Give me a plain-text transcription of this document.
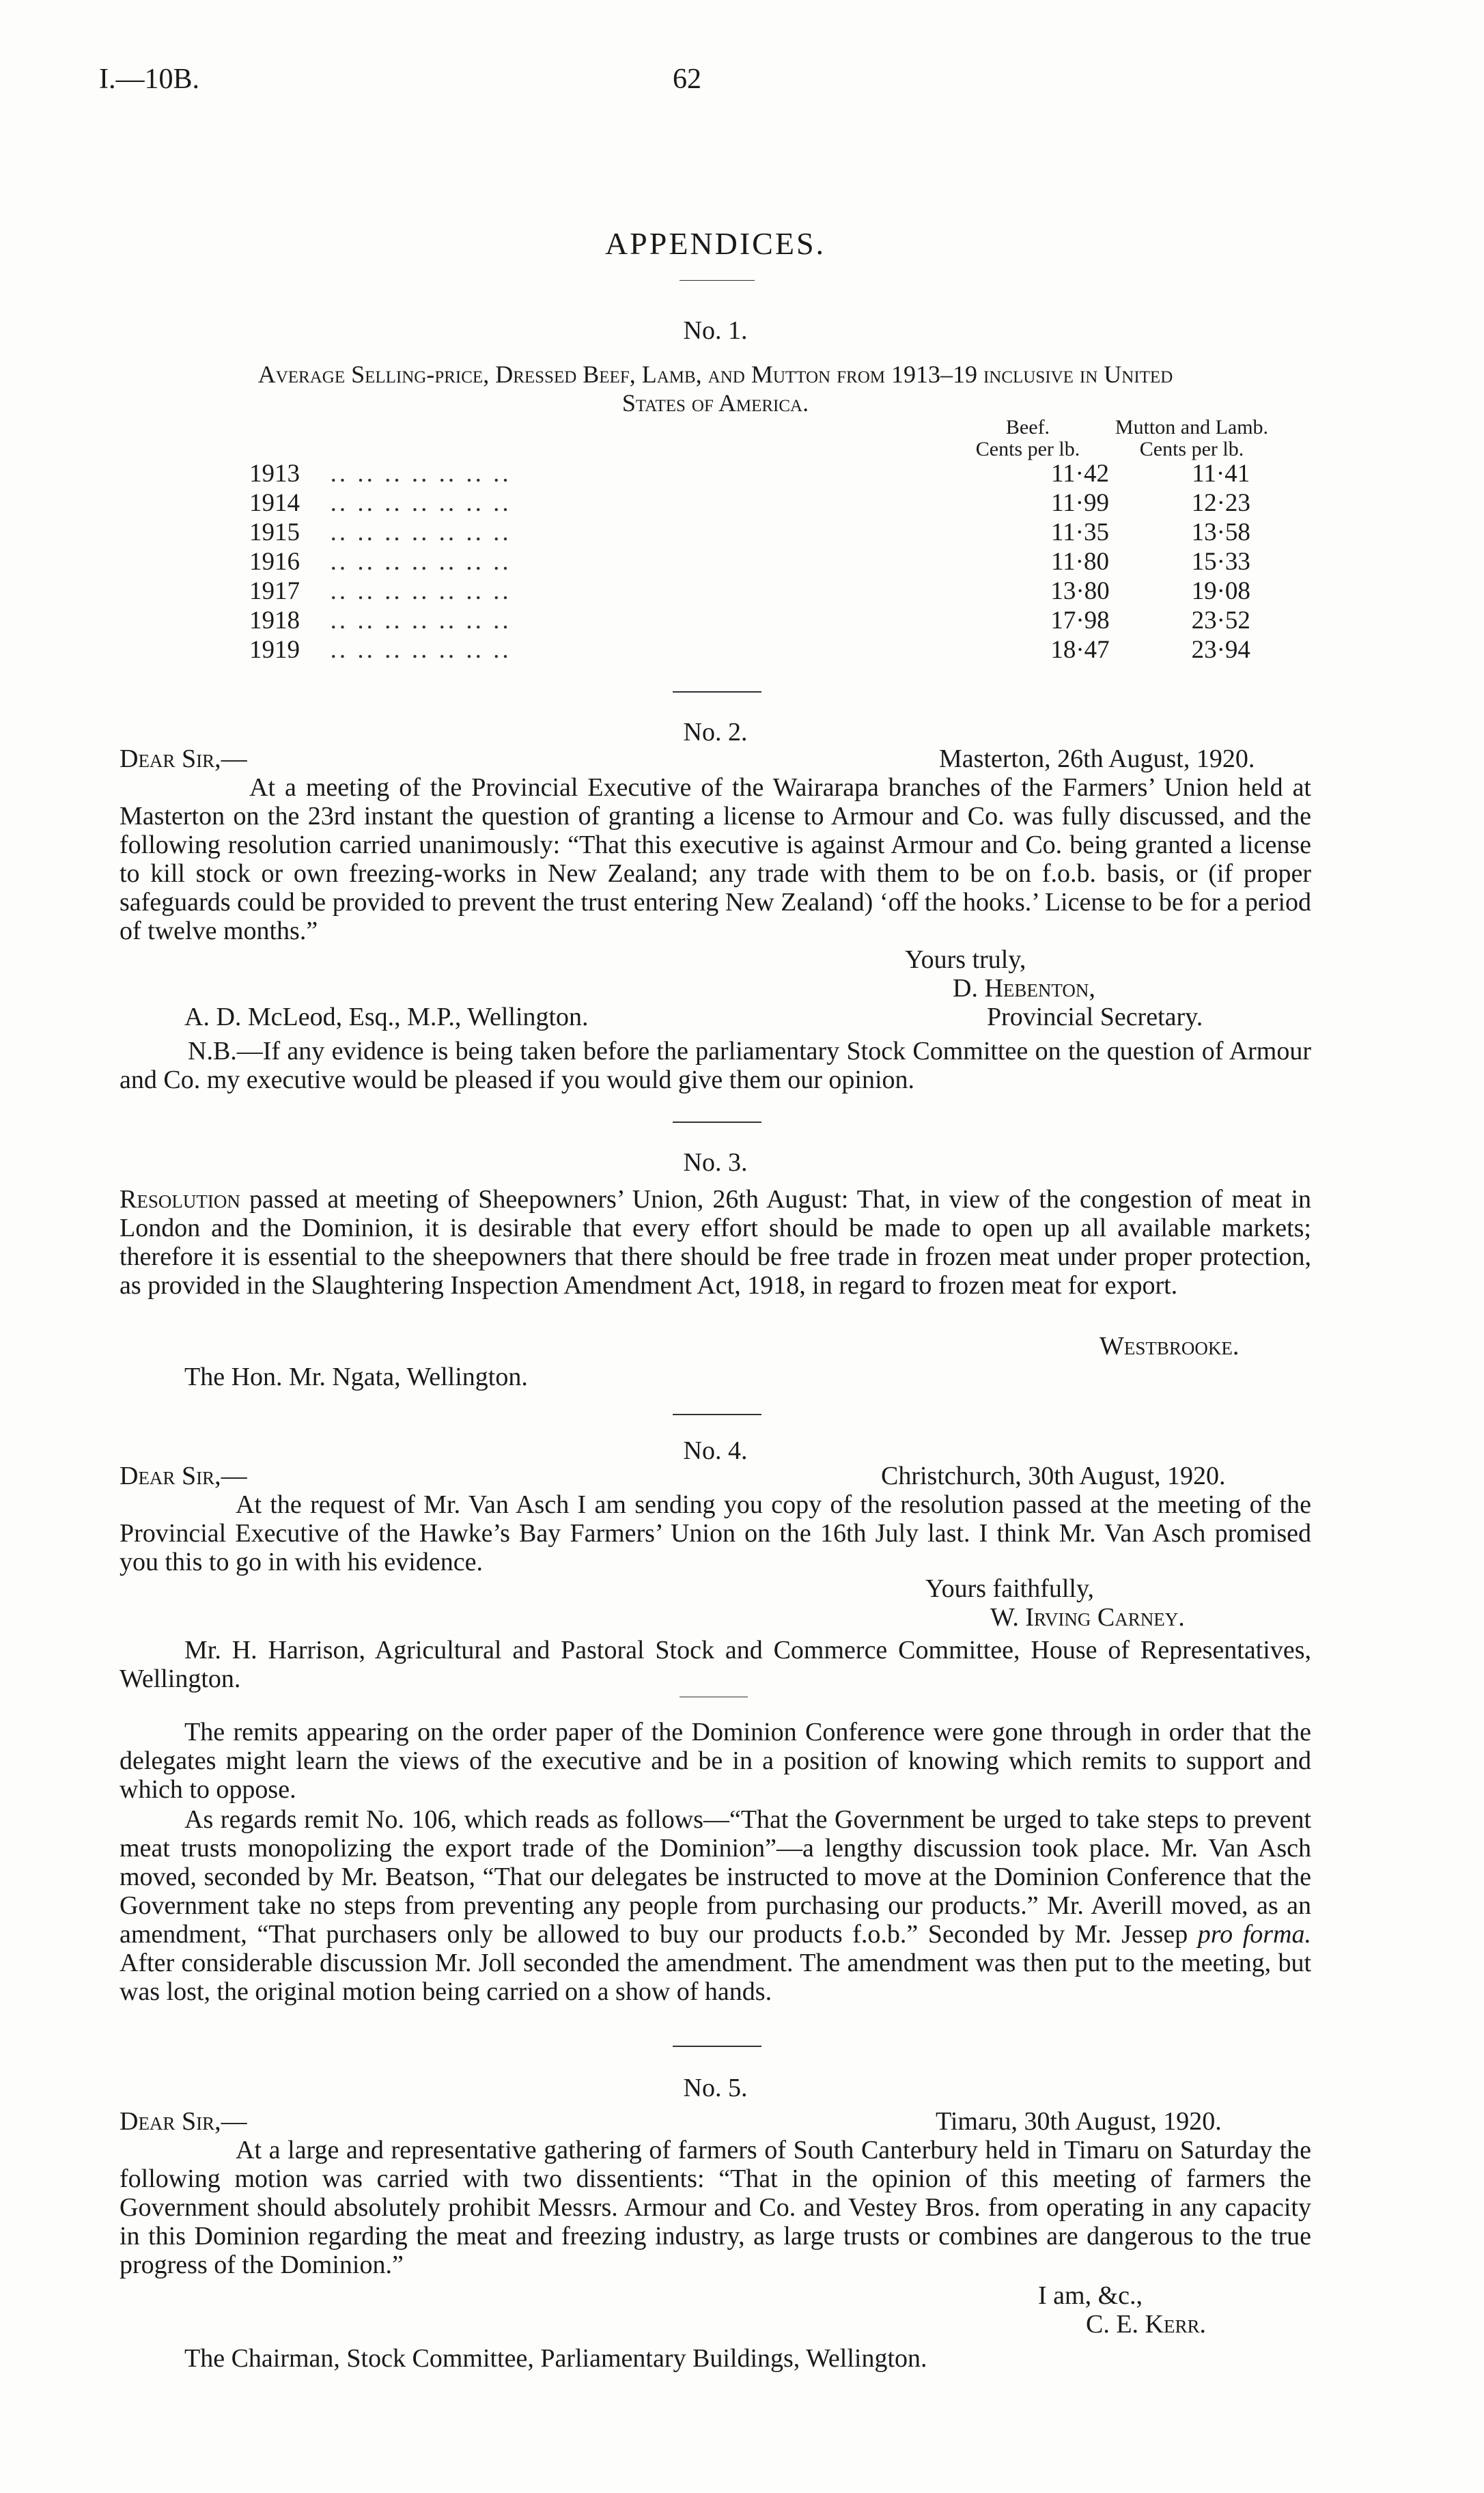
I.—10B.	62
APPENDICES.
No. 1.
Average Selling-price, Dressed Beef, Lamb, and Mutton from 1913–19 inclusive in United
States of America.
Beef.
Cents per lb.
Mutton and Lamb.
Cents per lb.
1913	.. .. .. .. .. .. ..	11·42	11·41
1914	.. .. .. .. .. .. ..	11·99	12·23
1915	.. .. .. .. .. .. ..	11·35	13·58
1916	.. .. .. .. .. .. ..	11·80	15·33
1917	.. .. .. .. .. .. ..	13·80	19·08
1918	.. .. .. .. .. .. ..	17·98	23·52
1919	.. .. .. .. .. .. ..	18·47	23·94
No. 2.
Dear Sir,—	Masterton, 26th August, 1920.

At a meeting of the Provincial Executive of the Wairarapa branches of the Farmers’ Union held at Masterton on the 23rd instant the question of granting a license to Armour and Co. was fully discussed, and the following resolution carried unanimously: “That this executive is against Armour and Co. being granted a license to kill stock or own freezing-works in New Zealand; any trade with them to be on f.o.b. basis, or (if proper safeguards could be provided to prevent the trust entering New Zealand) ‘off the hooks.’ License to be for a period of twelve months.”

Yours truly,
D. Hebenton,
Provincial Secretary.
A. D. McLeod, Esq., M.P., Wellington.

N.B.—If any evidence is being taken before the parliamentary Stock Committee on the question of Armour and Co. my executive would be pleased if you would give them our opinion.

No. 3.

Resolution passed at meeting of Sheepowners’ Union, 26th August: That, in view of the congestion of meat in London and the Dominion, it is desirable that every effort should be made to open up all available markets; therefore it is essential to the sheepowners that there should be free trade in frozen meat under proper protection, as provided in the Slaughtering Inspection Amendment Act, 1918, in regard to frozen meat for export.

Westbrooke.
The Hon. Mr. Ngata, Wellington.
No. 4.
Dear Sir,—	Christchurch, 30th August, 1920.

At the request of Mr. Van Asch I am sending you copy of the resolution passed at the meeting of the Provincial Executive of the Hawke’s Bay Farmers’ Union on the 16th July last. I think Mr. Van Asch promised you this to go in with his evidence.

Yours faithfully,
W. Irving Carney.

Mr. H. Harrison, Agricultural and Pastoral Stock and Commerce Committee, House of Representatives, Wellington.

The remits appearing on the order paper of the Dominion Conference were gone through in order that the delegates might learn the views of the executive and be in a position of knowing which remits to support and which to oppose.

As regards remit No. 106, which reads as follows—“That the Government be urged to take steps to prevent meat trusts monopolizing the export trade of the Dominion”—a lengthy discussion took place. Mr. Van Asch moved, seconded by Mr. Beatson, “That our delegates be instructed to move at the Dominion Conference that the Government take no steps from preventing any people from purchasing our products.” Mr. Averill moved, as an amendment, “That purchasers only be allowed to buy our products f.o.b.” Seconded by Mr. Jessep pro forma. After considerable discussion Mr. Joll seconded the amendment. The amendment was then put to the meeting, but was lost, the original motion being carried on a show of hands.

No. 5.
Dear Sir,—	Timaru, 30th August, 1920.

At a large and representative gathering of farmers of South Canterbury held in Timaru on Saturday the following motion was carried with two dissentients: “That in the opinion of this meeting of farmers the Government should absolutely prohibit Messrs. Armour and Co. and Vestey Bros. from operating in any capacity in this Dominion regarding the meat and freezing industry, as large trusts or combines are dangerous to the true progress of the Dominion.”

I am, &c.,
C. E. Kerr.
The Chairman, Stock Committee, Parliamentary Buildings, Wellington.
